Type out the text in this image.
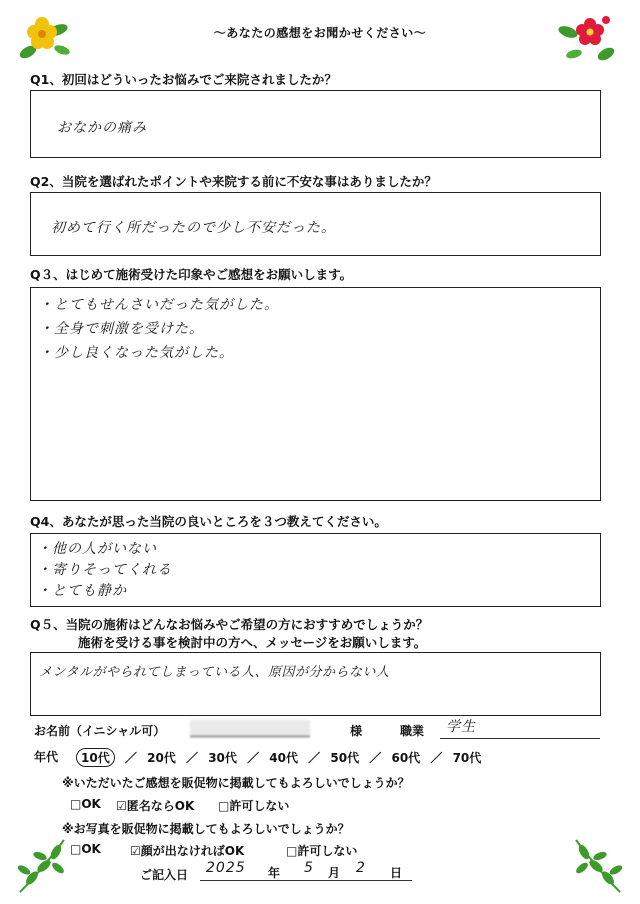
〜あなたの感想をお聞かせください〜
Q1、初回はどういったお悩みでご来院されましたか？
おなかの痛み
Q2、当院を選ばれたポイントや来院する前に不安な事はありましたか？
初めて行く所だったので少し不安だった。
Q３、はじめて施術受けた印象やご感想をお願いします。
・とてもせんさいだった気がした。
・全身で刺激を受けた。
・少し良くなった気がした。
Q4、あなたが思った当院の良いところを３つ教えてください。
・他の人がいない
・寄りそってくれる
・とても静か
Q５、当院の施術はどんなお悩みやご希望の方におすすめでしょうか？
施術を受ける事を検討中の方へ、メッセージをお願いします。
メンタルがやられてしまっている人、原因が分からない人
お名前（イニシャル可）	様	職業 学生
年代	10代 ／ 20代 ／ 30代 ／ 40代 ／ 50代 ／ 60代 ／ 70代
※いただいたご感想を販促物に掲載してもよろしいでしょうか？
□OK ☑匿名ならOK □許可しない
※お写真を販促物に掲載してもよろしいでしょうか？
□OK ☑顔が出なければOK	□許可しない
ご記入日 2025 年 5 月 2 日
